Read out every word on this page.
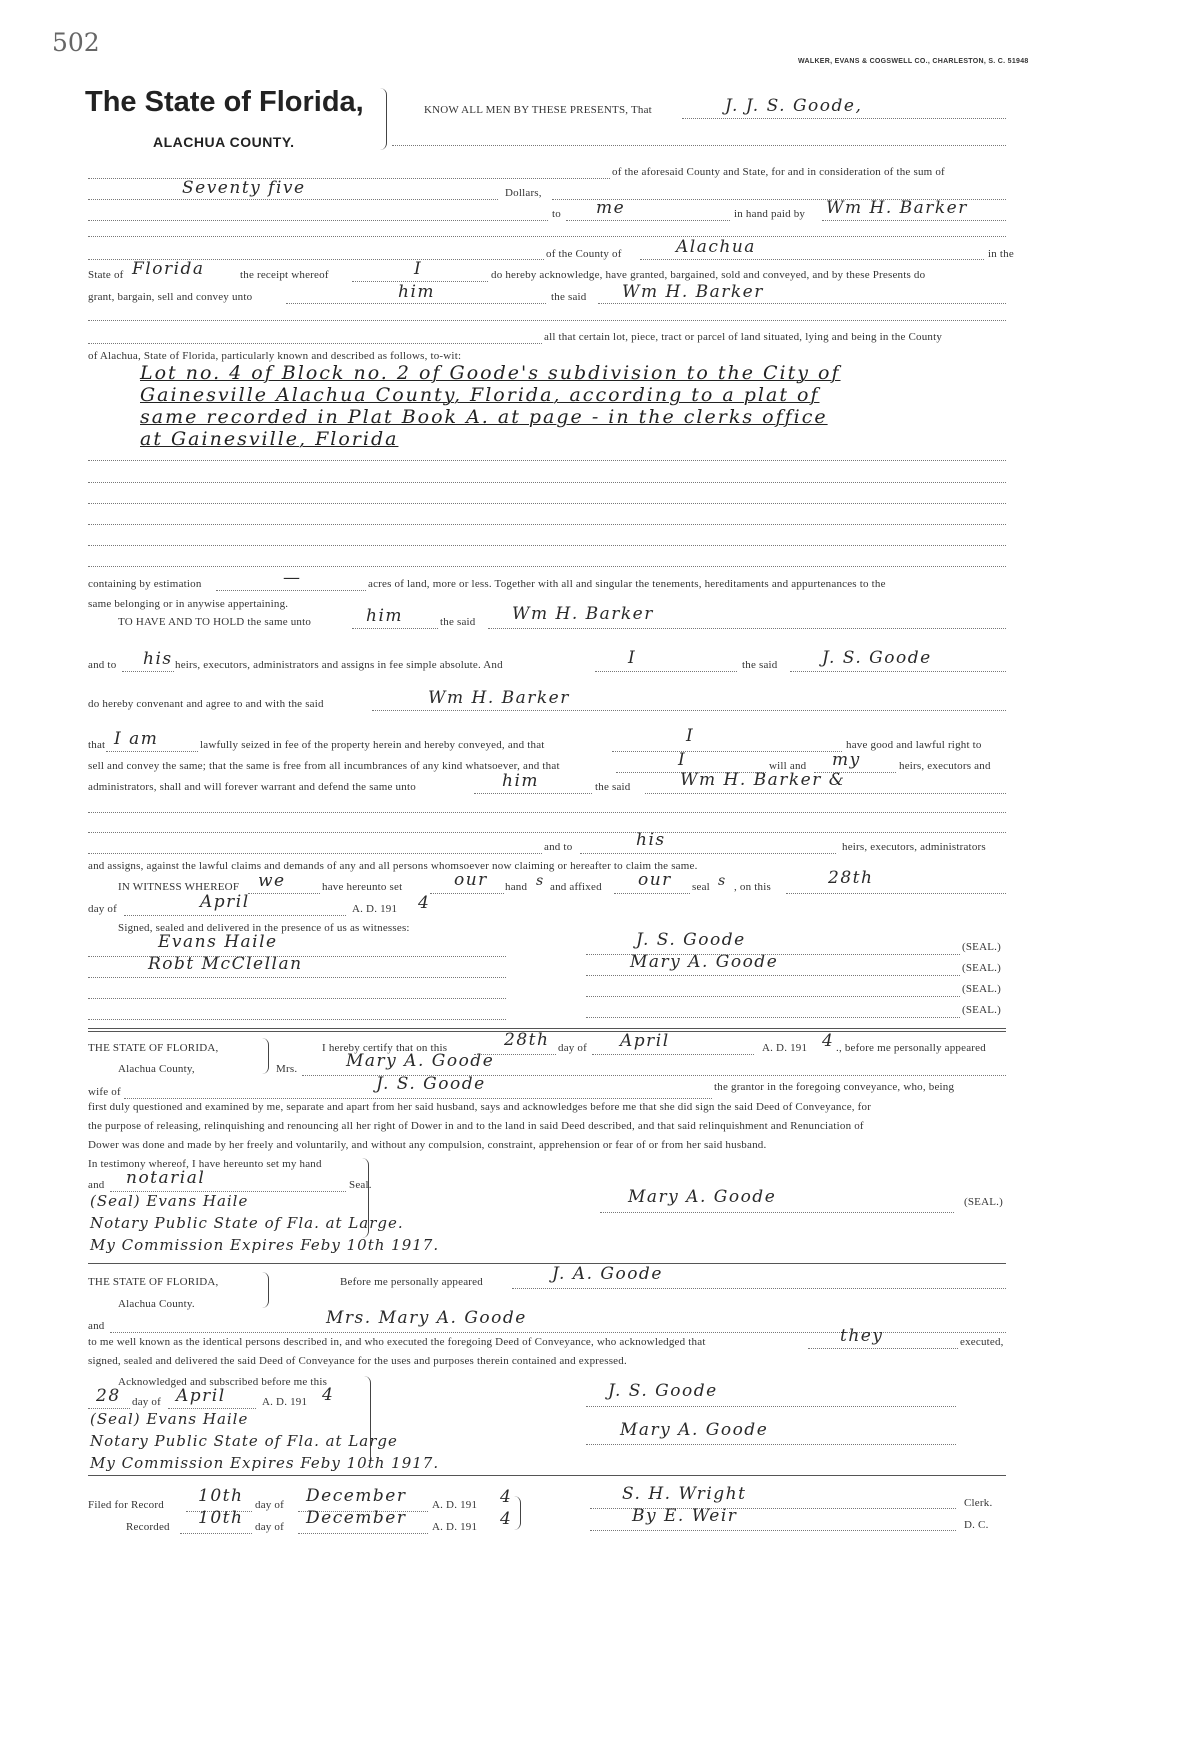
502
WALKER, EVANS & COGSWELL CO., CHARLESTON, S. C. 51948
The State of Florida,
ALACHUA COUNTY.
KNOW ALL MEN BY THESE PRESENTS, That	J. J. S. Goode,
of the aforesaid County and State, for and in consideration of the sum of
Seventy five	Dollars,
to me	in hand paid by Wm H. Barker
of the County of	Alachua	in the
State of Florida	the receipt whereof	I	do hereby acknowledge, have granted, bargained, sold and conveyed, and by these Presents do
grant, bargain, sell and convey unto	him	the said Wm H. Barker
all that certain lot, piece, tract or parcel of land situated, lying and being in the County
of Alachua, State of Florida, particularly known and described as follows, to-wit:
Lot no. 4 of Block no. 2 of Goode's subdivision to the City of
Gainesville Alachua County, Florida, according to a plat of
same recorded in Plat Book A. at page - in the clerks office
at Gainesville, Florida
containing by estimation	—	acres of land, more or less. Together with all and singular the tenements, hereditaments and appurtenances to the
same belonging or in anywise appertaining.
TO HAVE AND TO HOLD the same unto	him	the said Wm H. Barker
and to his heirs, executors, administrators and assigns in fee simple absolute. And	I	the said	J. S. Goode
do hereby convenant and agree to and with the said	Wm H. Barker
that I am	lawfully seized in fee of the property herein and hereby conveyed, and that	I	have good and lawful right to
sell and convey the same; that the same is free from all incumbrances of any kind whatsoever, and that	I	will and my	heirs, executors and
administrators, shall and will forever warrant and defend the same unto	him	the said	Wm H. Barker &
and to	his	heirs, executors, administrators
and assigns, against the lawful claims and demands of any and all persons whomsoever now claiming or hereafter to claim the same.
IN WITNESS WHEREOF we	have hereunto set	our hand s and affixed our seal s , on this	28th
day of	April	A. D. 191 4
Signed, sealed and delivered in the presence of us as witnesses:
Evans Haile
Robt McClellan
J. S. Goode
Mary A. Goode
(SEAL.)
(SEAL.)
(SEAL.)
(SEAL.)
THE STATE OF FLORIDA,
Alachua County,
I hereby certify that on this	28th day of April	A. D. 191 4 ., before me personally appeared
Mrs.	Mary A. Goode
wife of	J. S. Goode	the grantor in the foregoing conveyance, who, being
first duly questioned and examined by me, separate and apart from her said husband, says and acknowledges before me that she did sign the said Deed of Conveyance, for
the purpose of releasing, relinquishing and renouncing all her right of Dower in and to the land in said Deed described, and that said relinquishment and Renunciation of
Dower was done and made by her freely and voluntarily, and without any compulsion, constraint, apprehension or fear of or from her said husband.
In testimony whereof, I have hereunto set my hand
and notarial	Seal.
(Seal) Evans Haile
Notary Public State of Fla. at Large.
My Commission Expires Feby 10th 1917.
Mary A. Goode	(SEAL.)
THE STATE OF FLORIDA,
Alachua County.
Before me personally appeared	J. A. Goode
and	Mrs. Mary A. Goode
to me well known as the identical persons described in, and who executed the foregoing Deed of Conveyance, who acknowledged that	they	executed,
signed, sealed and delivered the said Deed of Conveyance for the uses and purposes therein contained and expressed.
Acknowledged and subscribed before me this
28 day of April	A. D. 191 4
(Seal) Evans Haile
Notary Public State of Fla. at Large
My Commission Expires Feby 10th 1917.
J. S. Goode
Mary A. Goode
Filed for Record 10th day of December A. D. 191 4
Recorded 10th day of December A. D. 191 4
S. H. Wright	Clerk.
By E. Weir	D. C.
